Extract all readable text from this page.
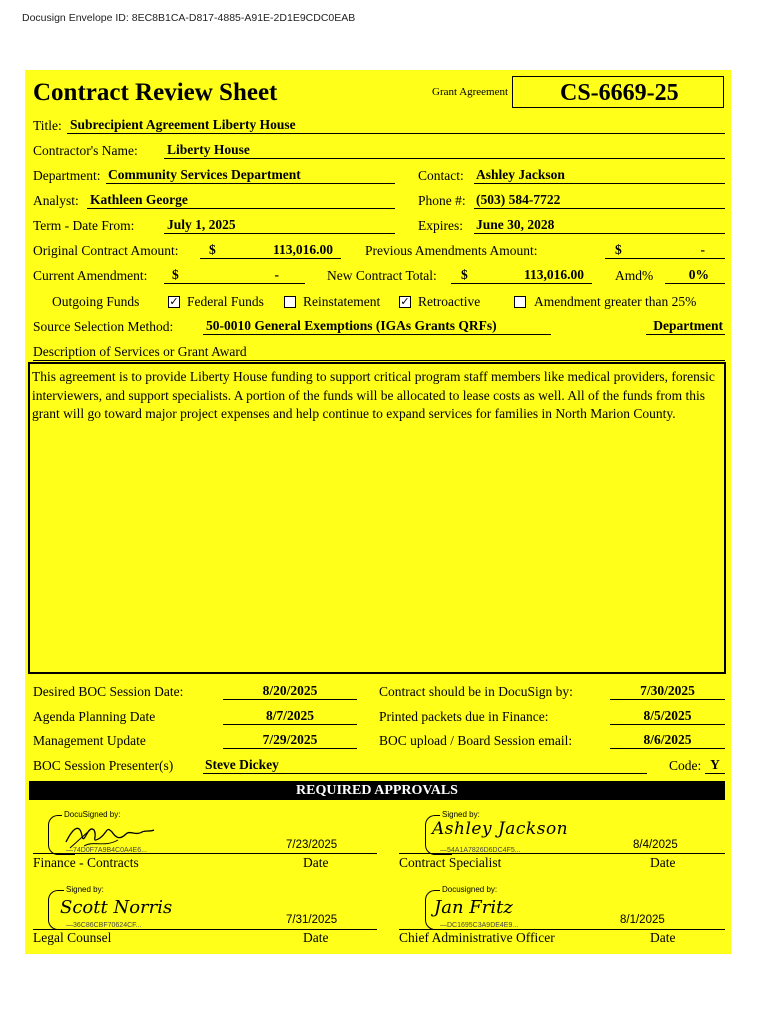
Docusign Envelope ID: 8EC8B1CA-D817-4885-A91E-2D1E9CDC0EAB
Contract Review Sheet	Grant Agreement CS-6669-25
Title: Subrecipient Agreement Liberty House
Contractor's Name: Liberty House
Department: Community Services Department	Contact: Ashley Jackson
Analyst: Kathleen George	Phone #: (503) 584-7722
Term - Date From: July 1, 2025	Expires: June 30, 2028
Original Contract Amount: $	113,016.00 Previous Amendments Amount:	$	-
Current Amendment: $	-	New Contract Total: $	113,016.00 Amd%	0%
Outgoing Funds	✓ Federal Funds	Reinstatement ✓ Retroactive	Amendment greater than 25%
Source Selection Method: 50-0010 General Exemptions (IGAs Grants QRFs)	Department
Description of Services or Grant Award
This agreement is to provide Liberty House funding to support critical program staff members like medical providers, forensic interviewers, and support specialists. A portion of the funds will be allocated to lease costs as well. All of the funds from this grant will go toward major project expenses and help continue to expand services for families in North Marion County.
Desired BOC Session Date:	8/20/2025	Contract should be in DocuSign by:	7/30/2025
Agenda Planning Date	8/7/2025	Printed packets due in Finance:	8/5/2025
Management Update	7/29/2025	BOC upload / Board Session email:	8/6/2025
BOC Session Presenter(s) Steve Dickey	Code: Y
REQUIRED APPROVALS
DocuSigned by:
—74D0F7A9B4C0A4E6...	7/23/2025
Finance - Contracts	Date
Signed by:
Ashley Jackson
—54A1A7826D6DC4F5...	8/4/2025
Contract Specialist	Date
Signed by:
Scott Norris
—36C86CBF70624CF...	7/31/2025
Legal Counsel	Date
Docusigned by:
Jan Fritz
—DC1695C3A9DE4E9...	8/1/2025
Chief Administrative Officer	Date
